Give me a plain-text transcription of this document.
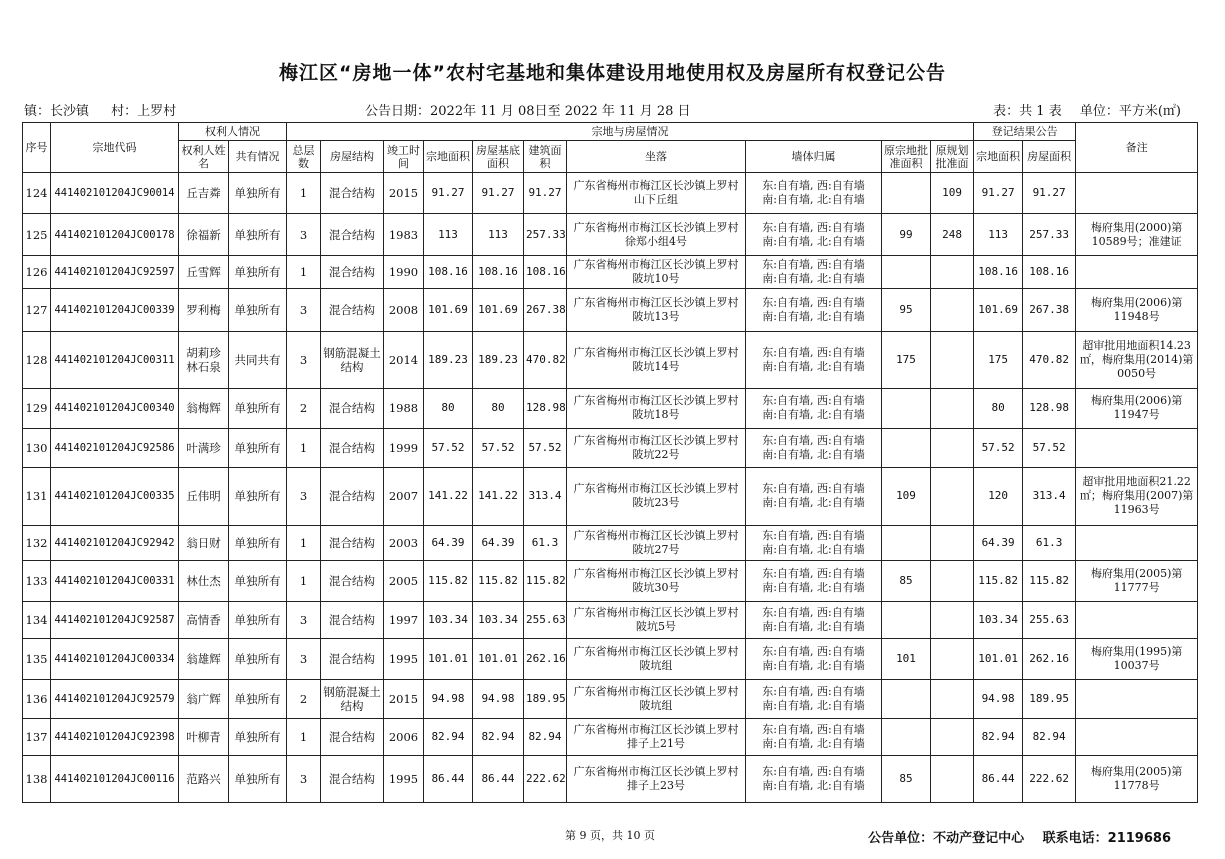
梅江区“房地一体”农村宅基地和集体建设用地使用权及房屋所有权登记公告
镇：长沙镇 村：上罗村	公告日期：2022年 11 月 08日至 2022 年 11 月 28 日	表：共 1 表 单位：平方米(㎡)
序号	宗地代码	权利人情况		宗地与房屋情况										登记结果公告		备注
		权利人姓名	共有情况	总层数	房屋结构	竣工时间	宗地面积	房屋基底面积	建筑面积	坐落	墙体归属	原宗地批准面积	原规划批准面	宗地面积	房屋面积	

124	441402101204JC90014	丘吉粦	单独所有	1	混合结构	2015	91.27	91.27	91.27	广东省梅州市梅江区长沙镇上罗村山下丘组	东:自有墙, 西:自有墙
南:自有墙, 北:自有墙		109	91.27	91.27	
125	441402101204JC00178	徐福新	单独所有	3	混合结构	1983	113	113	257.33	广东省梅州市梅江区长沙镇上罗村徐郑小组4号	东:自有墙, 西:自有墙
南:自有墙, 北:自有墙	99	248	113	257.33	梅府集用(2000)第10589号；准建证
126	441402101204JC92597	丘雪辉	单独所有	1	混合结构	1990	108.16	108.16	108.16	广东省梅州市梅江区长沙镇上罗村陂坑10号	东:自有墙, 西:自有墙
南:自有墙, 北:自有墙			108.16	108.16	
127	441402101204JC00339	罗利梅	单独所有	3	混合结构	2008	101.69	101.69	267.38	广东省梅州市梅江区长沙镇上罗村陂坑13号	东:自有墙, 西:自有墙
南:自有墙, 北:自有墙	95		101.69	267.38	梅府集用(2006)第11948号
128	441402101204JC00311	胡莉珍 林石泉	共同共有	3	钢筋混凝土结构	2014	189.23	189.23	470.82	广东省梅州市梅江区长沙镇上罗村陂坑14号	东:自有墙, 西:自有墙
南:自有墙, 北:自有墙	175		175	470.82	超审批用地面积14.23㎡，梅府集用(2014)第0050号
129	441402101204JC00340	翁梅辉	单独所有	2	混合结构	1988	80	80	128.98	广东省梅州市梅江区长沙镇上罗村陂坑18号	东:自有墙, 西:自有墙
南:自有墙, 北:自有墙			80	128.98	梅府集用(2006)第11947号
130	441402101204JC92586	叶满珍	单独所有	1	混合结构	1999	57.52	57.52	57.52	广东省梅州市梅江区长沙镇上罗村陂坑22号	东:自有墙, 西:自有墙
南:自有墙, 北:自有墙			57.52	57.52	
131	441402101204JC00335	丘伟明	单独所有	3	混合结构	2007	141.22	141.22	313.4	广东省梅州市梅江区长沙镇上罗村陂坑23号	东:自有墙, 西:自有墙
南:自有墙, 北:自有墙	109		120	313.4	超审批用地面积21.22㎡；梅府集用(2007)第11963号
132	441402101204JC92942	翁日财	单独所有	1	混合结构	2003	64.39	64.39	61.3	广东省梅州市梅江区长沙镇上罗村陂坑27号	东:自有墙, 西:自有墙
南:自有墙, 北:自有墙			64.39	61.3	
133	441402101204JC00331	林仕杰	单独所有	1	混合结构	2005	115.82	115.82	115.82	广东省梅州市梅江区长沙镇上罗村陂坑30号	东:自有墙, 西:自有墙
南:自有墙, 北:自有墙	85		115.82	115.82	梅府集用(2005)第11777号
134	441402101204JC92587	高情香	单独所有	3	混合结构	1997	103.34	103.34	255.63	广东省梅州市梅江区长沙镇上罗村陂坑5号	东:自有墙, 西:自有墙
南:自有墙, 北:自有墙			103.34	255.63	
135	441402101204JC00334	翁雄辉	单独所有	3	混合结构	1995	101.01	101.01	262.16	广东省梅州市梅江区长沙镇上罗村陂坑组	东:自有墙, 西:自有墙
南:自有墙, 北:自有墙	101		101.01	262.16	梅府集用(1995)第10037号
136	441402101204JC92579	翁广辉	单独所有	2	钢筋混凝土结构	2015	94.98	94.98	189.95	广东省梅州市梅江区长沙镇上罗村陂坑组	东:自有墙, 西:自有墙
南:自有墙, 北:自有墙			94.98	189.95	
137	441402101204JC92398	叶柳青	单独所有	1	混合结构	2006	82.94	82.94	82.94	广东省梅州市梅江区长沙镇上罗村排子上21号	东:自有墙, 西:自有墙
南:自有墙, 北:自有墙			82.94	82.94	
138	441402101204JC00116	范路兴	单独所有	3	混合结构	1995	86.44	86.44	222.62	广东省梅州市梅江区长沙镇上罗村排子上23号	东:自有墙, 西:自有墙
南:自有墙, 北:自有墙	85		86.44	222.62	梅府集用(2005)第11778号
第 9 页，共 10 页	公告单位：不动产登记中心 联系电话：2119686
